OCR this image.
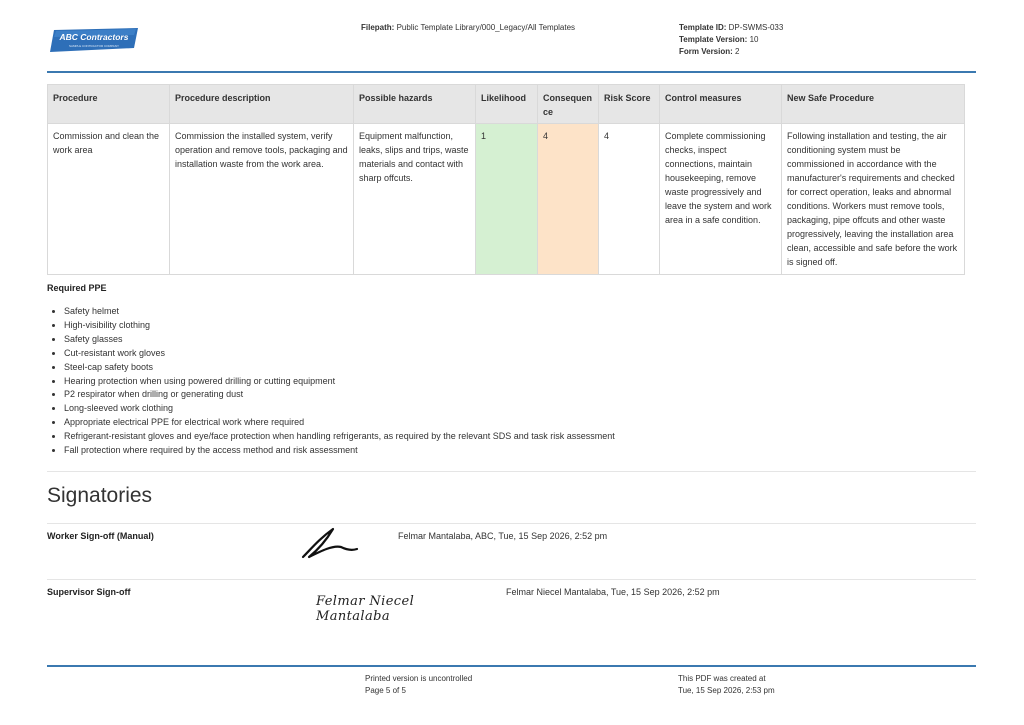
ABC Contractors
SAMPLE CONTRACTOR COMPANY
Filepath: Public Template Library/000_Legacy/All Templates	Template ID: DP-SWMS-033
Template Version: 10
Form Version: 2
Procedure	Procedure description	Possible hazards	Likelihood	Consequen ce	Risk Score	Control measures	New Safe Procedure
Commission and clean the work area	Commission the installed system, verify operation and remove tools, packaging and installation waste from the work area.	Equipment malfunction, leaks, slips and trips, waste materials and contact with sharp offcuts.	1	4	4	Complete commissioning checks, inspect connections, maintain housekeeping, remove waste progressively and leave the system and work area in a safe condition.	Following installation and testing, the air conditioning system must be commissioned in accordance with the manufacturer's requirements and checked for correct operation, leaks and abnormal conditions. Workers must remove tools, packaging, pipe offcuts and other waste progressively, leaving the installation area clean, accessible and safe before the work is signed off.
Required PPE
• Safety helmet
• High-visibility clothing
• Safety glasses
• Cut-resistant work gloves
• Steel-cap safety boots
• Hearing protection when using powered drilling or cutting equipment
• P2 respirator when drilling or generating dust
• Long-sleeved work clothing
• Appropriate electrical PPE for electrical work where required
• Refrigerant-resistant gloves and eye/face protection when handling refrigerants, as required by the relevant SDS and task risk assessment
• Fall protection where required by the access method and risk assessment
Signatories
Worker Sign-off (Manual)	Felmar Mantalaba, ABC, Tue, 15 Sep 2026, 2:52 pm
Supervisor Sign-off
Felmar Niecel Mantalaba
Felmar Niecel Mantalaba, Tue, 15 Sep 2026, 2:52 pm
Printed version is uncontrolled
Page 5 of 5
This PDF was created at
Tue, 15 Sep 2026, 2:53 pm
